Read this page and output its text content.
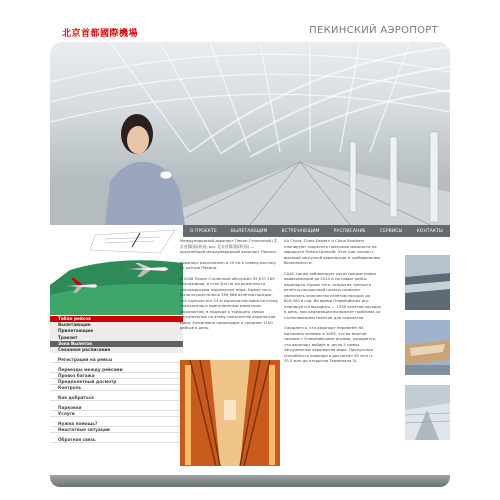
北京首都國際機場	ПЕКИНСКИЙ АЭРОПОРТ
О ПРОЕКТЕ	ВЫЛЕТАЮЩИМ	ВСТРЕЧАЮЩИМ	РАСПИСАНИЕ	СЕРВИСЫ	КОНТАКТЫ
Табло рейсов
Вылетающие
Прилетающие
Транзит
Зона Вылетов
Сезонное расписание
Регистрация на рейсы
Переезды между рейсами
Провоз багажа
Предполетный досмотр
Контроль
Как добраться
Парковки
Услуги
Нужна помощь?
Нештатные ситуации
Обратная связь

Международный аэропорт Пекин Столичный (北京首都国际机场, pin. 北京首都国际机场) — крупнейший международный аэропорт Пекина.

Аэропорт расположен в 20 км к северу-востоку от центра Пекина.

В 2008 Пекин Столичный обслужил 55,937,289 пассажиров, и стал 8-м по загруженности пассажирским аэропортом мира. Кроме того, было осуществлено 399,986 взлётов-посадок, что сделало его 23-м аэропортом мира по этому показателю и единственным азиатским аэропортом, в подходе к тридцать самых загруженных по этому показателю аэропортов мира. Ежедневно происходит в среднем 1100 рейсов в день.

Air China, China Eastern и China Southern планируют сократить проезжие мощности на маршруте Пекин-Шанхай. Этот шаг связан с высокой загрузкой аэропортов и требованиями безопасности.

CAAC также заблокирует регистрацию новых авиакомпаний до 2010 и на новые рейсы аэропорта. Кроме того, открытие третьего взлётно-посадочной полосы позволит увеличить количество взлётов-посадок до 620,000 в год. Во время Олимпийских игр планируется выходить — 1350 взлетов-посадок в день, при реализации возникнет проблема со столкновением полетов для самолетов.

Ожидается, что аэропорт перевезёт 64 миллиона человек в 2009, что во многом связано с Олимпийскими играми, ожидается, что аэропорт войдёт в число 5 самых загруженных аэропортов мира. Пропускная способность аэропорта достигнет 82 млн (с 35,5 млн до открытия Терминала 3).
